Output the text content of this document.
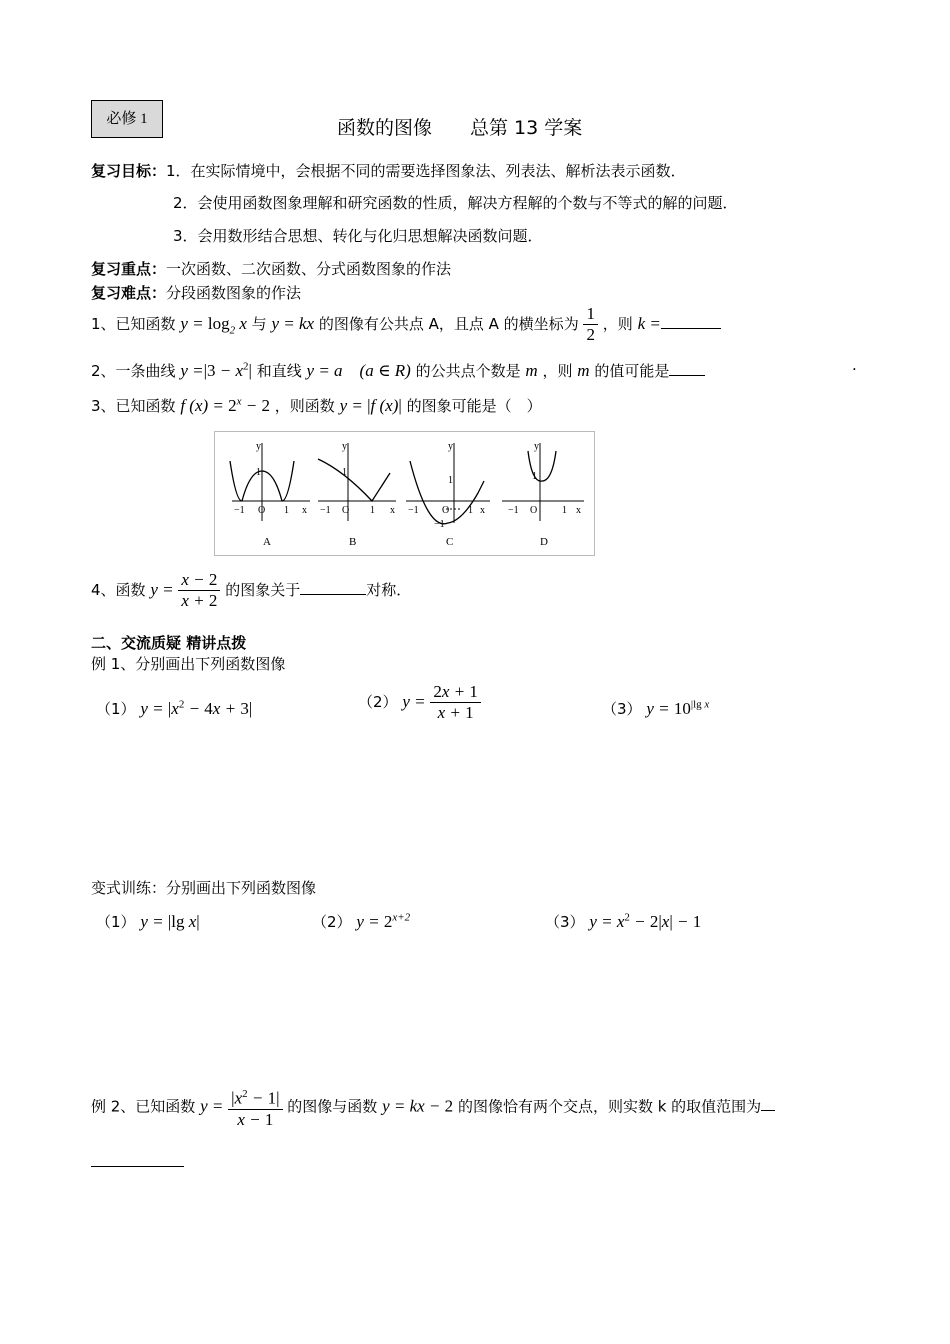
必修 1	函数的图像　　总第 13 学案
复习目标：1．在实际情境中，会根据不同的需要选择图象法、列表法、解析法表示函数．
2．会使用函数图象理解和研究函数的性质，解决方程解的个数与不等式的解的问题．
3．会用数形结合思想、转化与化归思想解决函数问题．
复习重点：一次函数、二次函数、分式函数图象的作法
复习难点：分段函数图象的作法
1、已知函数 $y = \log_2 x$ 与 y = kx 的图像有公共点 A，且点 A 的横坐标为 $\frac{1}{2}$ ，则 k =
2、一条曲线 $y =|3 - x^2|$ 和直线 y = a　(a ∈ R) 的公共点个数是 m ，则 m 的值可能是	.
3、已知函数 f $(x) = 2^x - 2$ ，则函数 y = |f (x)| 的图象可能是（　）
y
1
−1 O 1 x
y
1
−1 O 1 x
y
1
−1 O 1 x
−1
y
1
−1 O 1 x
A	B	C	D
4、函数 $y = \frac{x - 2}{x + 2}$ 的图象关于	对称．
二、交流质疑 精讲点拨
例 1、分别画出下列函数图像
（1） $y = |x^2 - 4x + 3|$	（2） $y = \frac{2x + 1}{x + 1}$	（3） $y = 10^{|lg x}$
变式训练：分别画出下列函数图像
（1） y = |lg x|	（2） $y = 2^{x+2}$	（3） $y = x^2 - 2|x| - 1$
例 2、已知函数 $y = \frac{|x^2 - 1|}{x - 1}$ 的图像与函数 y = kx − 2 的图像恰有两个交点，则实数 k 的取值范围为
